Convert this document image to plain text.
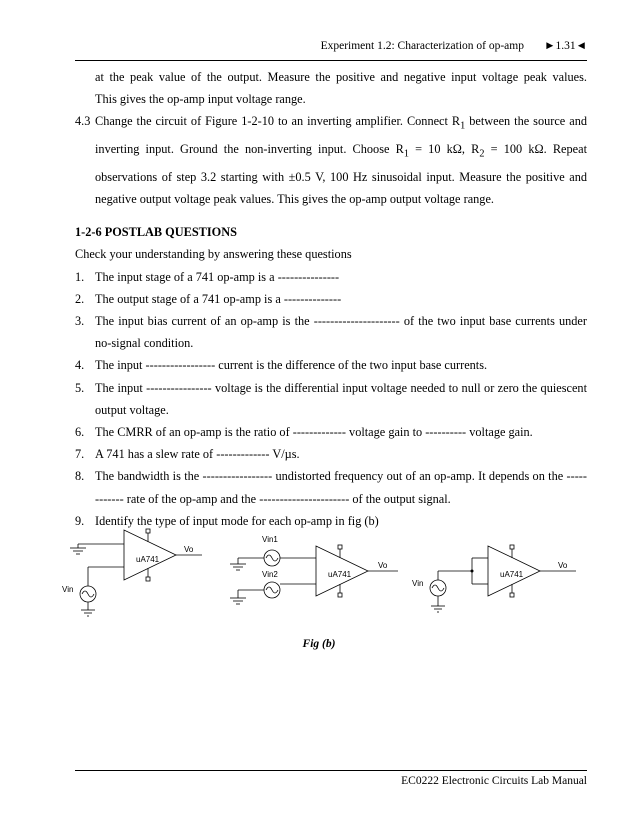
Experiment 1.2: Characterization of op-amp ►1.31◄

at the peak value of the output. Measure the positive and negative input voltage peak values.

This gives the op-amp input voltage range.

4.3 Change the circuit of Figure 1-2-10 to an inverting amplifier. Connect $R_1$ between the source and inverting input. Ground the non-inverting input. Choose $R_1 = 10$ kΩ, $R_2 = 100$ kΩ. Repeat observations of step 3.2 starting with ±0.5 V, 100 Hz sinusoidal input. Measure the positive and negative output voltage peak values. This gives the op-amp output voltage range.
1-2-6 POSTLAB QUESTIONS
Check your understanding by answering these questions
1. The input stage of a 741 op-amp is a ---------------
2. The output stage of a 741 op-amp is a --------------
3. The input bias current of an op-amp is the --------------------- of the two input base currents under no-signal condition.
4. The input ----------------- current is the difference of the two input base currents.
5. The input ---------------- voltage is the differential input voltage needed to null or zero the quiescent output voltage.
6. The CMRR of an op-amp is the ratio of ------------- voltage gain to ---------- voltage gain.
7. A 741 has a slew rate of ------------- V/µs.
8. The bandwidth is the ----------------- undistorted frequency out of an op-amp. It depends on the ------------ rate of the op-amp and the ---------------------- of the output signal.
9. Identify the type of input mode for each op-amp in fig (b)
uA741
Vo
Vin
uA741
Vo
Vin1
Vin2	uA741
Vo
Vin
Fig (b)
EC0222 Electronic Circuits Lab Manual
